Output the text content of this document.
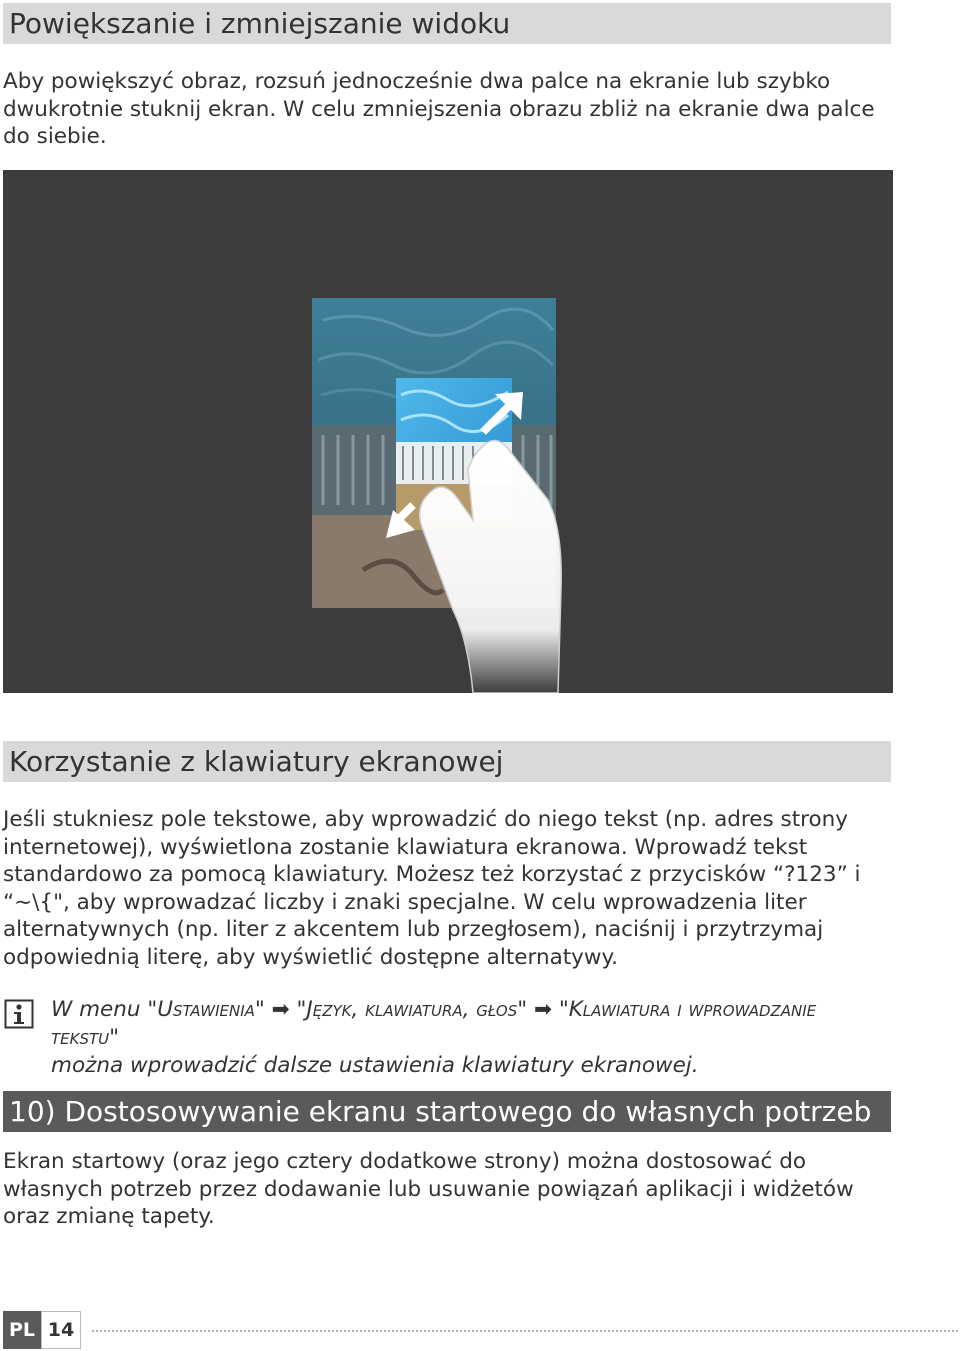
Powiększanie i zmniejszanie widoku

Aby powiększyć obraz, rozsuń jednocześnie dwa palce na ekranie lub szybko dwukrotnie stuknij ekran. W celu zmniejszenia obrazu zbliż na ekranie dwa palce do siebie.

Korzystanie z klawiatury ekranowej

Jeśli stukniesz pole tekstowe, aby wprowadzić do niego tekst (np. adres strony internetowej), wyświetlona zostanie klawiatura ekranowa. Wprowadź tekst standardowo za pomocą klawiatury. Możesz też korzystać z przycisków “?123” i “~\{", aby wprowadzać liczby i znaki specjalne. W celu wprowadzenia liter alternatywnych (np. liter z akcentem lub przegłosem), naciśnij i przytrzymaj odpowiednią literę, aby wyświetlić dostępne alternatywy.

W menu "Ustawienia" ➡ "Język, klawiatura, głos" ➡ "Klawiatura i wprowadzanie tekstu"
można wprowadzić dalsze ustawienia klawiatury ekranowej.

10) Dostosowywanie ekranu startowego do własnych potrzeb

Ekran startowy (oraz jego cztery dodatkowe strony) można dostosować do własnych potrzeb przez dodawanie lub usuwanie powiązań aplikacji i widżetów oraz zmianę tapety.

PL 14
